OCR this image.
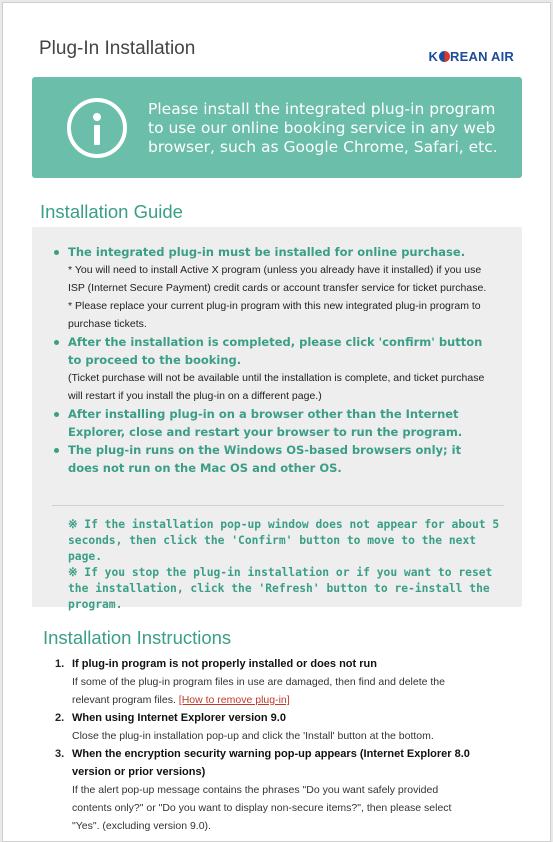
Plug-In Installation	K REAN AIR
Please install the integrated plug-in program to use our online booking service in any web browser, such as Google Chrome, Safari, etc.
Installation Guide
The integrated plug-in must be installed for online purchase.
* You will need to install Active X program (unless you already have it installed) if you use ISP (Internet Secure Payment) credit cards or account transfer service for ticket purchase.
* Please replace your current plug-in program with this new integrated plug-in program to purchase tickets.
After the installation is completed, please click 'confirm' button to proceed to the booking.
(Ticket purchase will not be available until the installation is complete, and ticket purchase will restart if you install the plug-in on a different page.)
After installing plug-in on a browser other than the Internet Explorer, close and restart your browser to run the program.
The plug-in runs on the Windows OS-based browsers only; it does not run on the Mac OS and other OS.
※ If the installation pop-up window does not appear for about 5 seconds, then click the 'Confirm' button to move to the next page.
※ If you stop the plug-in installation or if you want to reset the installation, click the 'Refresh' button to re-install the program.
Installation Instructions
1. If plug-in program is not properly installed or does not run
If some of the plug-in program files in use are damaged, then find and delete the relevant program files. [How to remove plug-in]
2. When using Internet Explorer version 9.0
Close the plug-in installation pop-up and click the 'Install' button at the bottom.
3. When the encryption security warning pop-up appears (Internet Explorer 8.0 version or prior versions)
If the alert pop-up message contains the phrases "Do you want safely provided contents only?" or "Do you want to display non-secure items?", then please select "Yes". (excluding version 9.0).
